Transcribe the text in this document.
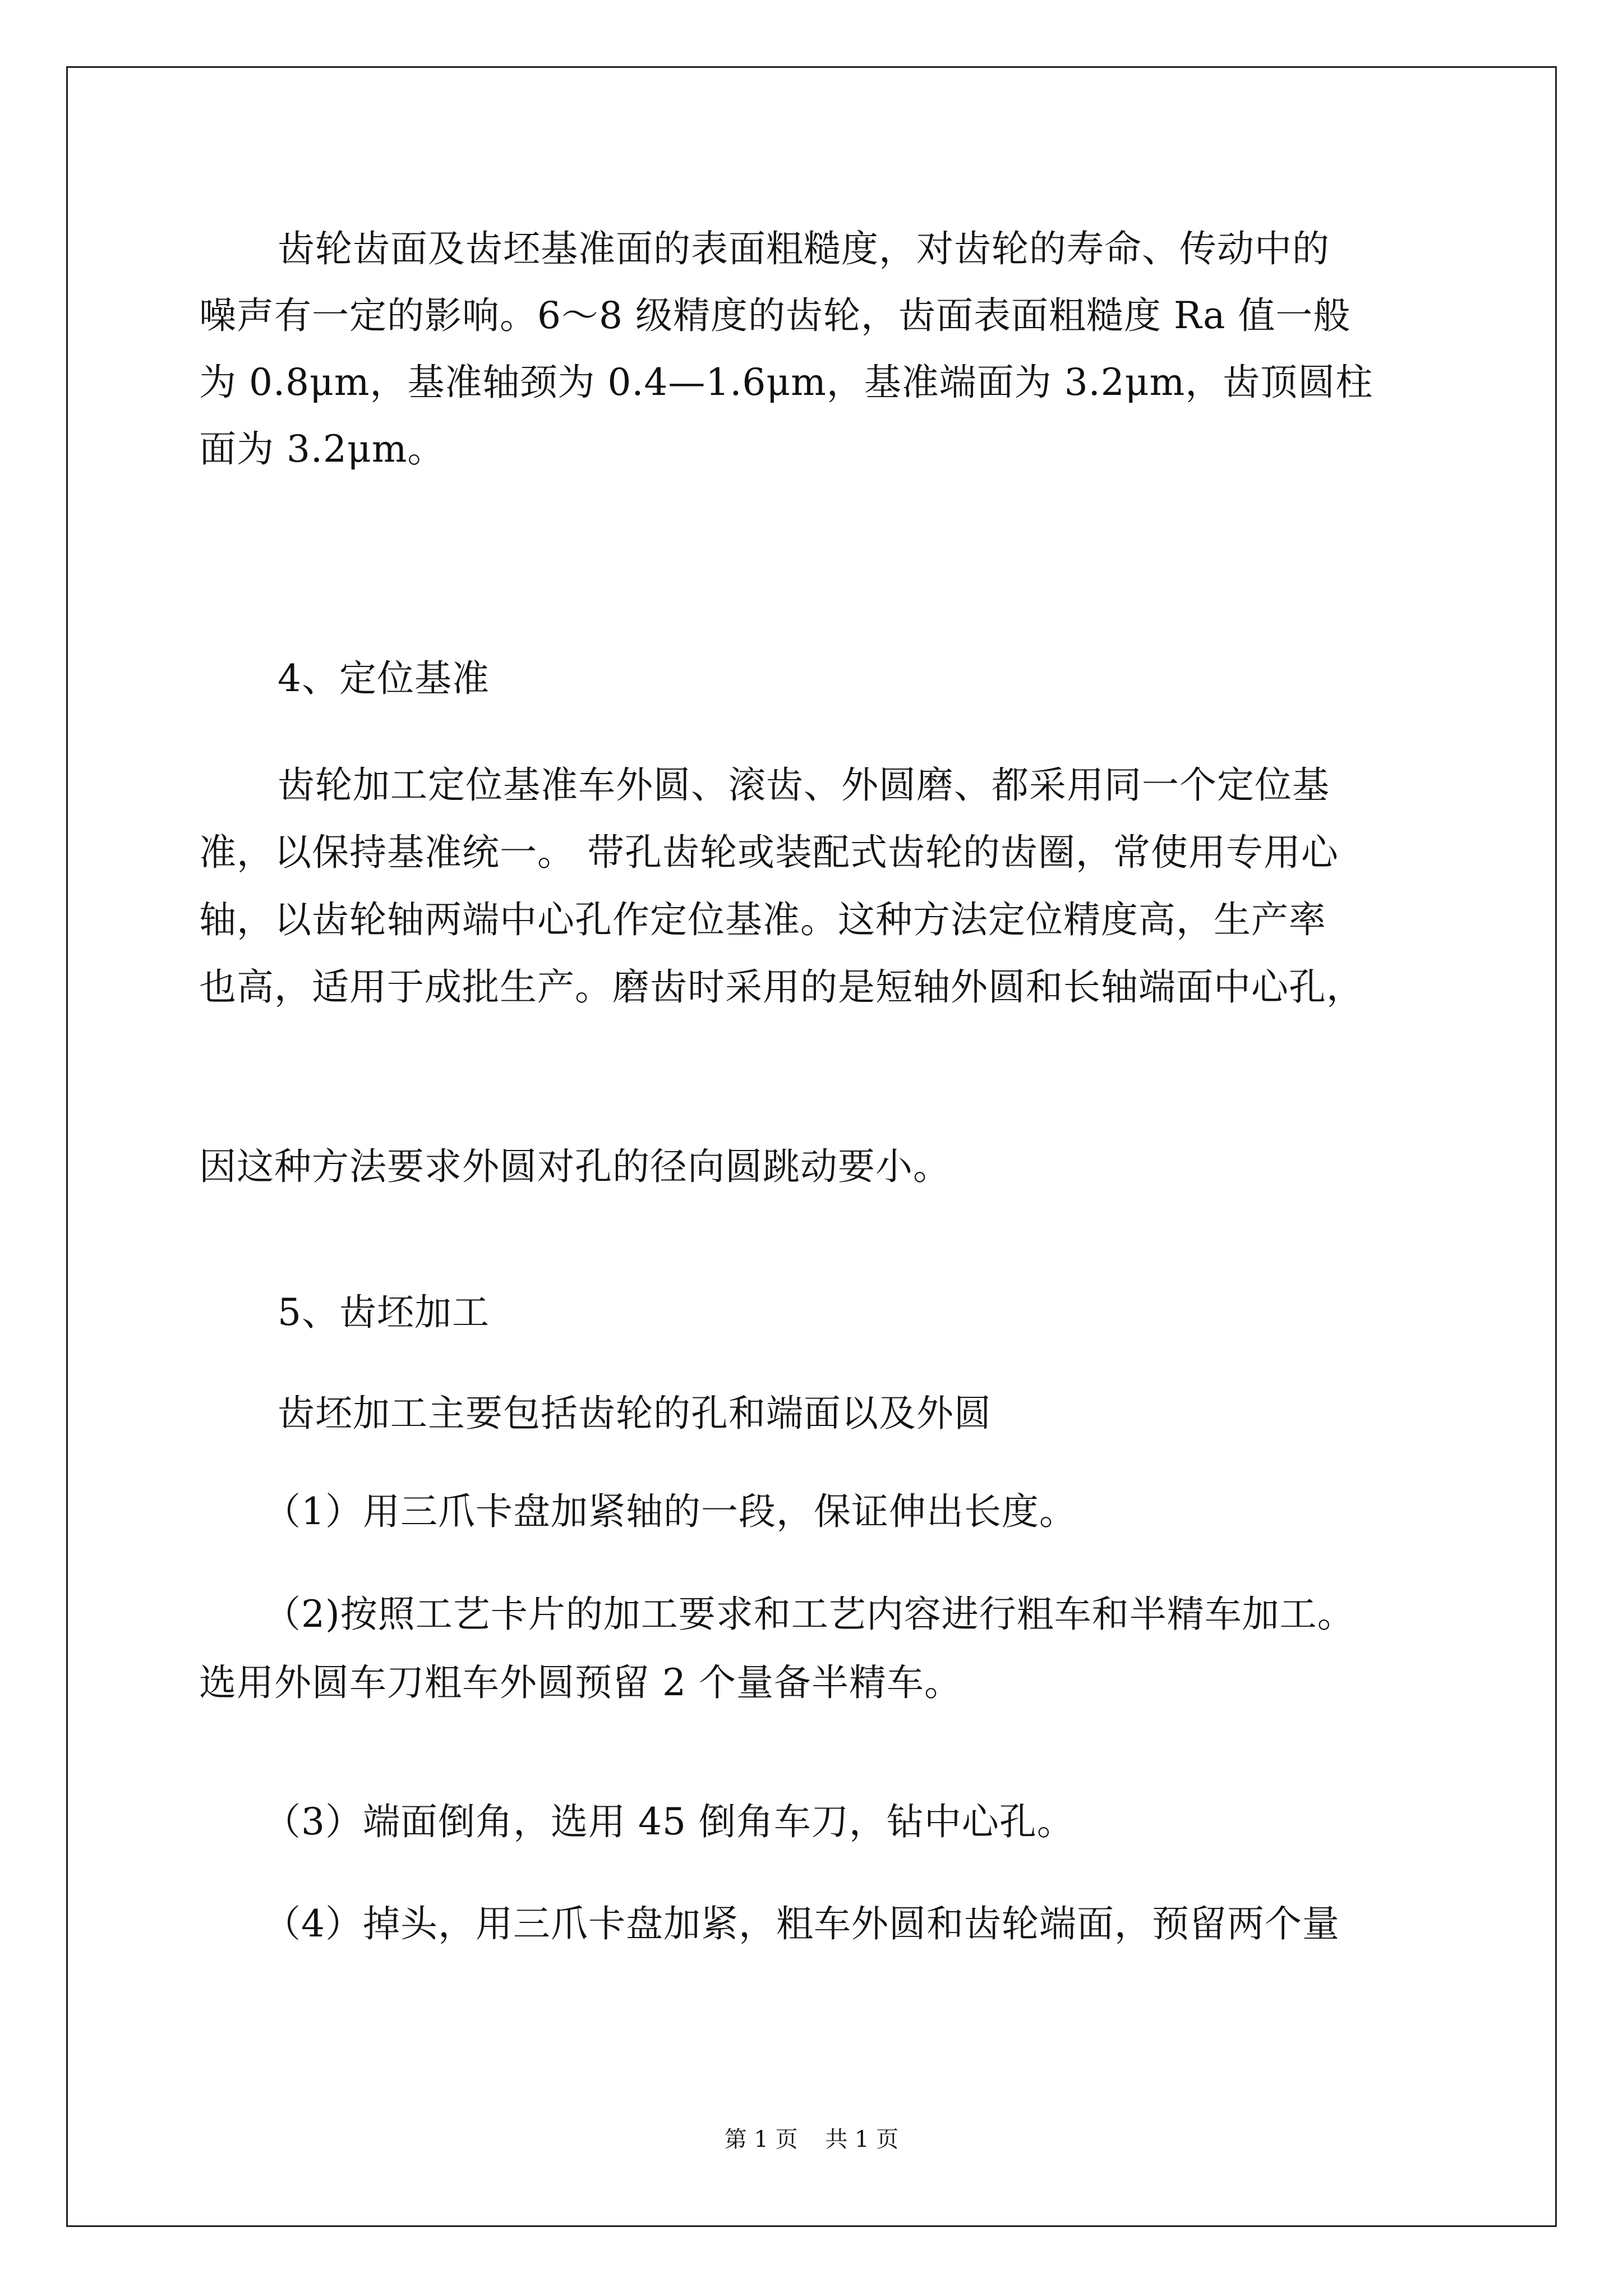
齿轮齿面及齿坯基准面的表面粗糙度，对齿轮的寿命、传动中的
噪声有一定的影响。6～8 级精度的齿轮，齿面表面粗糙度 Ra 值一般
为 0.8μm，基准轴颈为 0.4—1.6μm，基准端面为 3.2μm，齿顶圆柱
面为 3.2μm。
4、定位基准
齿轮加工定位基准车外圆、滚齿、外圆磨、都采用同一个定位基
准，以保持基准统一。 带孔齿轮或装配式齿轮的齿圈，常使用专用心
轴，以齿轮轴两端中心孔作定位基准。这种方法定位精度高，生产率
也高，适用于成批生产。磨齿时采用的是短轴外圆和长轴端面中心孔，
因这种方法要求外圆对孔的径向圆跳动要小。
5、齿坯加工
齿坯加工主要包括齿轮的孔和端面以及外圆
（1）用三爪卡盘加紧轴的一段，保证伸出长度。
（2)按照工艺卡片的加工要求和工艺内容进行粗车和半精车加工。
选用外圆车刀粗车外圆预留 2 个量备半精车。
（3）端面倒角，选用 45 倒角车刀，钻中心孔。
（4）掉头，用三爪卡盘加紧，粗车外圆和齿轮端面，预留两个量
第 1 页 共 1 页
